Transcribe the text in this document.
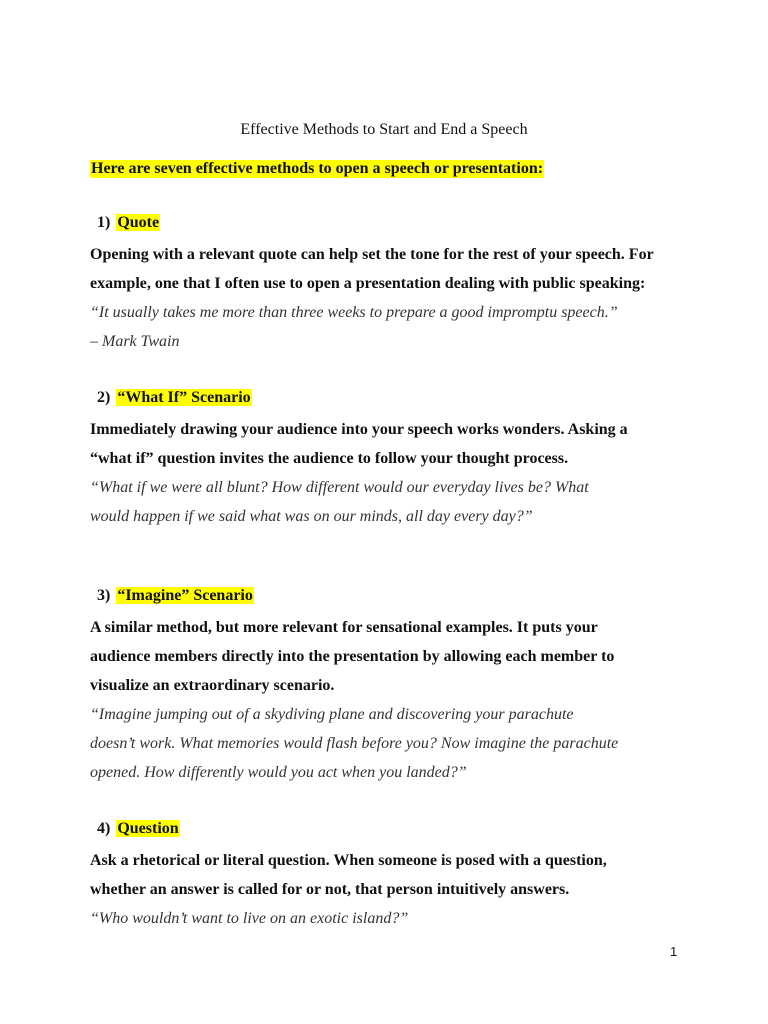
Effective Methods to Start and End a Speech
Here are seven effective methods to open a speech or presentation:
1) Quote

Opening with a relevant quote can help set the tone for the rest of your speech. For

example, one that I often use to open a presentation dealing with public speaking:

“It usually takes me more than three weeks to prepare a good impromptu speech.”

– Mark Twain

2) “What If” Scenario

Immediately drawing your audience into your speech works wonders. Asking a

“what if” question invites the audience to follow your thought process.

“What if we were all blunt? How different would our everyday lives be? What

would happen if we said what was on our minds, all day every day?”

3) “Imagine” Scenario

A similar method, but more relevant for sensational examples. It puts your

audience members directly into the presentation by allowing each member to

visualize an extraordinary scenario.

“Imagine jumping out of a skydiving plane and discovering your parachute

doesn’t work. What memories would flash before you? Now imagine the parachute

opened. How differently would you act when you landed?”

4) Question

Ask a rhetorical or literal question. When someone is posed with a question,

whether an answer is called for or not, that person intuitively answers.

“Who wouldn’t want to live on an exotic island?”

1
